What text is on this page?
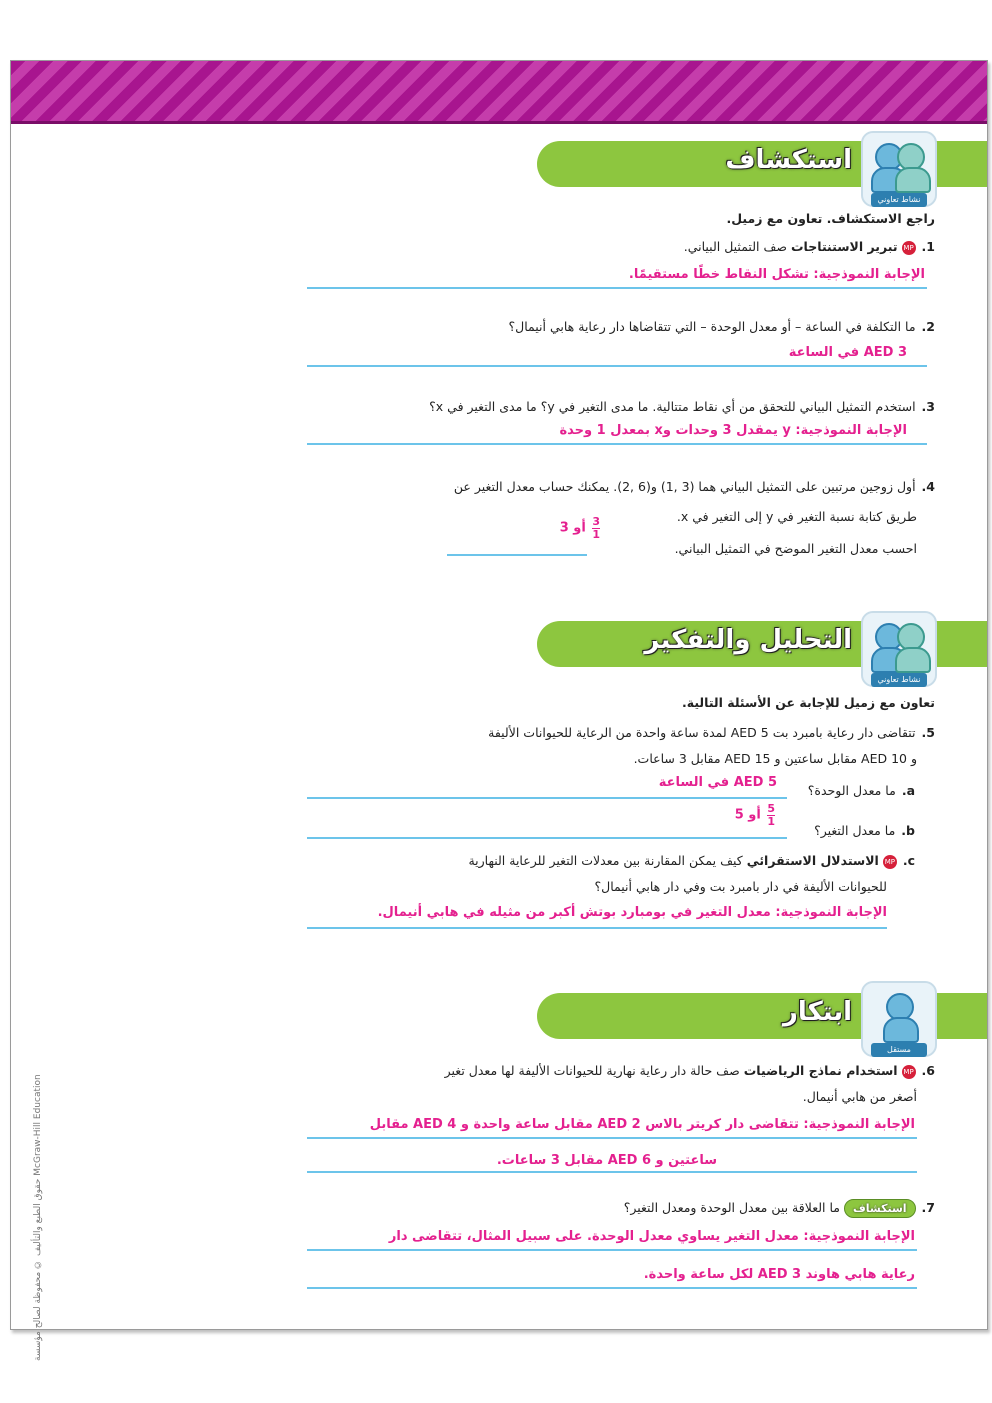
حقوق الطبع والتأليف © محفوظة لصالح مؤسسة McGraw-Hill Education
استكشاف
نشاط تعاوني
راجع الاستكشاف. تعاون مع زميل.
1.MPتبرير الاستنتاجات صف التمثيل البياني.
الإجابة النموذجية: تشكل النقاط خطًا مستقيمًا.
2.ما التكلفة في الساعة – أو معدل الوحدة – التي تتقاضاها دار رعاية هابي أنيمال؟
AED 3 في الساعة
3.استخدم التمثيل البياني للتحقق من أي نقاط متتالية. ما مدى التغير في y؟ ما مدى التغير في x؟
الإجابة النموذجية: y يمقدل 3 وحدات وx بمعدل 1 وحدة
4.أول زوجين مرتبين على التمثيل البياني هما (3 ,1) و(6 ,2). يمكنك حساب معدل التغير عن
طريق كتابة نسبة التغير في y إلى التغير في x.
احسب معدل التغير الموضح في التمثيل البياني.
$\frac{3}{1}$
أو 3
التحليل والتفكير
نشاط تعاوني
تعاون مع زميل للإجابة عن الأسئلة التالية.
5.تتقاضى دار رعاية بامبرد بت AED 5 لمدة ساعة واحدة من الرعاية للحيوانات الأليفة
و AED 10 مقابل ساعتين و AED 15 مقابل 3 ساعات.
a.ما معدل الوحدة؟
AED 5 في الساعة
b.ما معدل التغير؟
$\frac{5}{1}$
أو 5
c.MPالاستدلال الاستقرائي كيف يمكن المقارنة بين معدلات التغير للرعاية النهارية
للحيوانات الأليفة في دار بامبرد بت وفي دار هابي أنيمال؟
الإجابة النموذجية: معدل التغير في بومبارد بوتش أكبر من مثيله في هابي أنيمال.
ابتكار
مستقل
6.MPاستخدام نماذج الرياضيات صف حالة دار رعاية نهارية للحيوانات الأليفة لها معدل تغير
أصغر من هابي أنيمال.
الإجابة النموذجية: تتقاضى دار كريتر بالاس AED 2 مقابل ساعة واحدة و AED 4 مقابل
ساعتين و AED 6 مقابل 3 ساعات.
7.استكشاف ما العلاقة بين معدل الوحدة ومعدل التغير؟
الإجابة النموذجية: معدل التغير يساوي معدل الوحدة. على سبيل المثال، تتقاضى دار
رعاية هابي هاوند AED 3 لكل ساعة واحدة.
